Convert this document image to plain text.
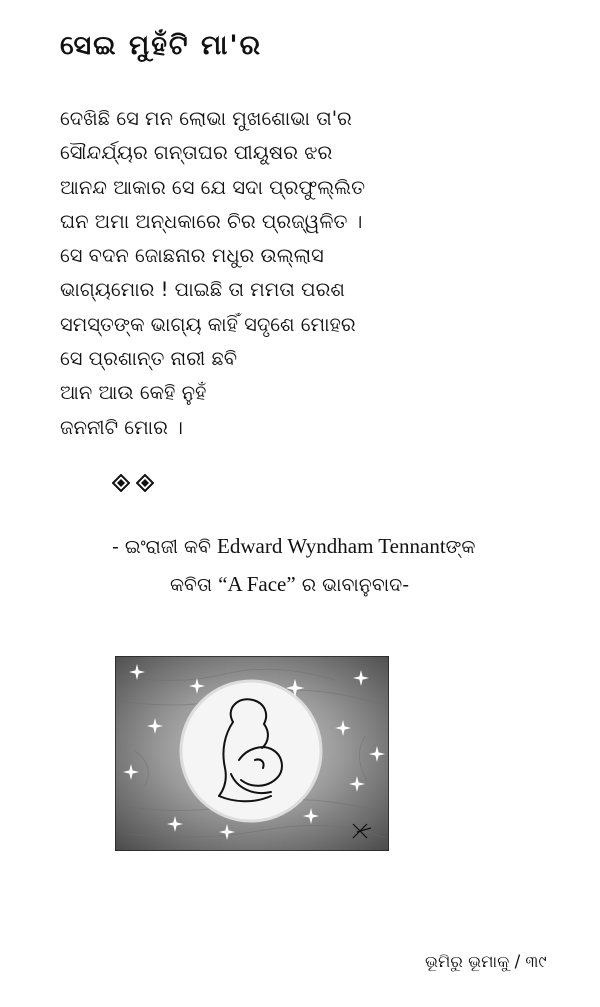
ସେଇ ମୁହଁଟି ମା'ର
ଦେଖିଛି ସେ ମନ ଲୋଭା ମୁଖଶୋଭା ତା'ର
ସୌନ୍ଦର୍ଯ୍ୟର ଗନ୍ତାଘର ପୀୟୂଷର ଝର
ଆନନ୍ଦ ଆକାର ସେ ଯେ ସଦା ପ୍ରଫୁଲ୍ଲିତ
ଘନ ଅମା ଅନ୍ଧକାରେ ଚିର ପ୍ରଜ୍ୱଳିତ ।
ସେ ବଦନ ଜୋଛନାର ମଧୁର ଉଲ୍ଲାସ
ଭାଗ୍ୟମୋର ! ପାଇଛି ତା ମମତା ପରଶ
ସମସ୍ତଙ୍କ ଭାଗ୍ୟ କାହିଁ ସଦୃଶେ ମୋହର
ସେ ପ୍ରଶାନ୍ତ ନାରୀ ଛବି
ଆନ ଆଉ କେହି ନୁହଁ
ଜନନୀଟି ମୋର ।
- ଇଂରାଜୀ କବି Edward Wyndham Tennantଙ୍କ
କବିତା “A Face” ର ଭାବାନୁବାଦ-
ଭୂମିରୁ ଭୂମାକୁ / ୩୯
